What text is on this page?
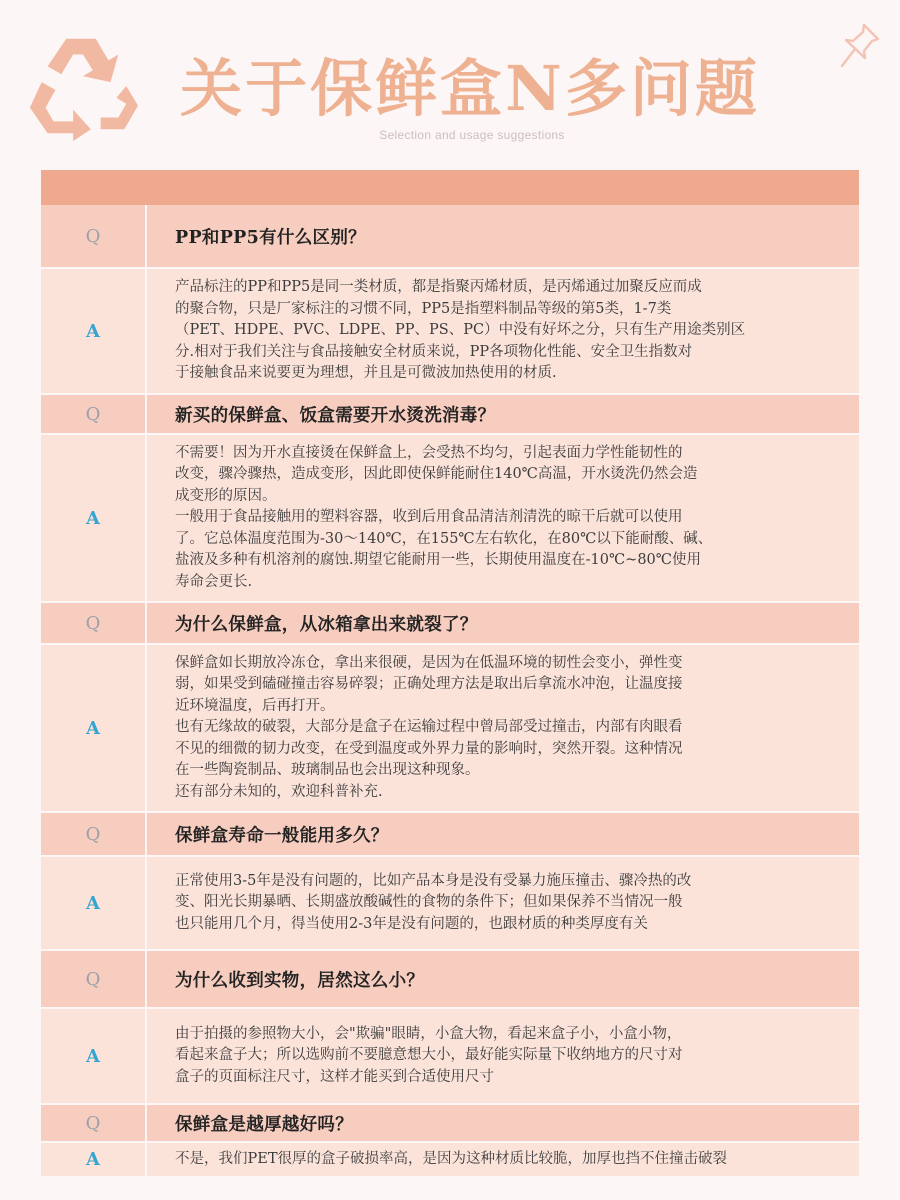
关于保鲜盒N多问题
Selection and usage suggestions
Q	PP和PP5有什么区别？
A
产品标注的PP和PP5是同一类材质，都是指聚丙烯材质，是丙烯通过加聚反应而成
的聚合物，只是厂家标注的习惯不同，PP5是指塑料制品等级的第5类，1-7类
（PET、HDPE、PVC、LDPE、PP、PS、PC）中没有好坏之分，只有生产用途类别区
分.相对于我们关注与食品接触安全材质来说，PP各项物化性能、安全卫生指数对
于接触食品来说要更为理想，并且是可微波加热使用的材质.
Q	新买的保鲜盒、饭盒需要开水烫洗消毒？
A
不需要！因为开水直接烫在保鲜盒上，会受热不均匀，引起表面力学性能韧性的
改变，骤冷骤热，造成变形，因此即使保鲜能耐住140℃高温，开水烫洗仍然会造
成变形的原因。
一般用于食品接触用的塑料容器，收到后用食品清洁剂清洗的晾干后就可以使用
了。它总体温度范围为-30～140℃，在155℃左右软化，在80℃以下能耐酸、碱、
盐液及多种有机溶剂的腐蚀.期望它能耐用一些，长期使用温度在-10℃~80℃使用
寿命会更长.
Q	为什么保鲜盒，从冰箱拿出来就裂了？
A
保鲜盒如长期放冷冻仓，拿出来很硬，是因为在低温环境的韧性会变小，弹性变
弱，如果受到磕碰撞击容易碎裂；正确处理方法是取出后拿流水冲泡，让温度接
近环境温度，后再打开。
也有无缘故的破裂，大部分是盒子在运输过程中曾局部受过撞击，内部有肉眼看
不见的细微的韧力改变，在受到温度或外界力量的影响时，突然开裂。这种情况
在一些陶瓷制品、玻璃制品也会出现这种现象。
还有部分未知的，欢迎科普补充.
Q	保鲜盒寿命一般能用多久？
A
正常使用3-5年是没有问题的，比如产品本身是没有受暴力施压撞击、骤冷热的改
变、阳光长期暴晒、长期盛放酸碱性的食物的条件下；但如果保养不当情况一般
也只能用几个月，得当使用2-3年是没有问题的，也跟材质的种类厚度有关
Q	为什么收到实物，居然这么小？
A
由于拍摄的参照物大小，会"欺骗"眼睛，小盒大物，看起来盒子小，小盒小物，
看起来盒子大；所以选购前不要臆意想大小，最好能实际量下收纳地方的尺寸对
盒子的页面标注尺寸，这样才能买到合适使用尺寸
Q	保鲜盒是越厚越好吗？
A	不是，我们PET很厚的盒子破损率高，是因为这种材质比较脆，加厚也挡不住撞击破裂
